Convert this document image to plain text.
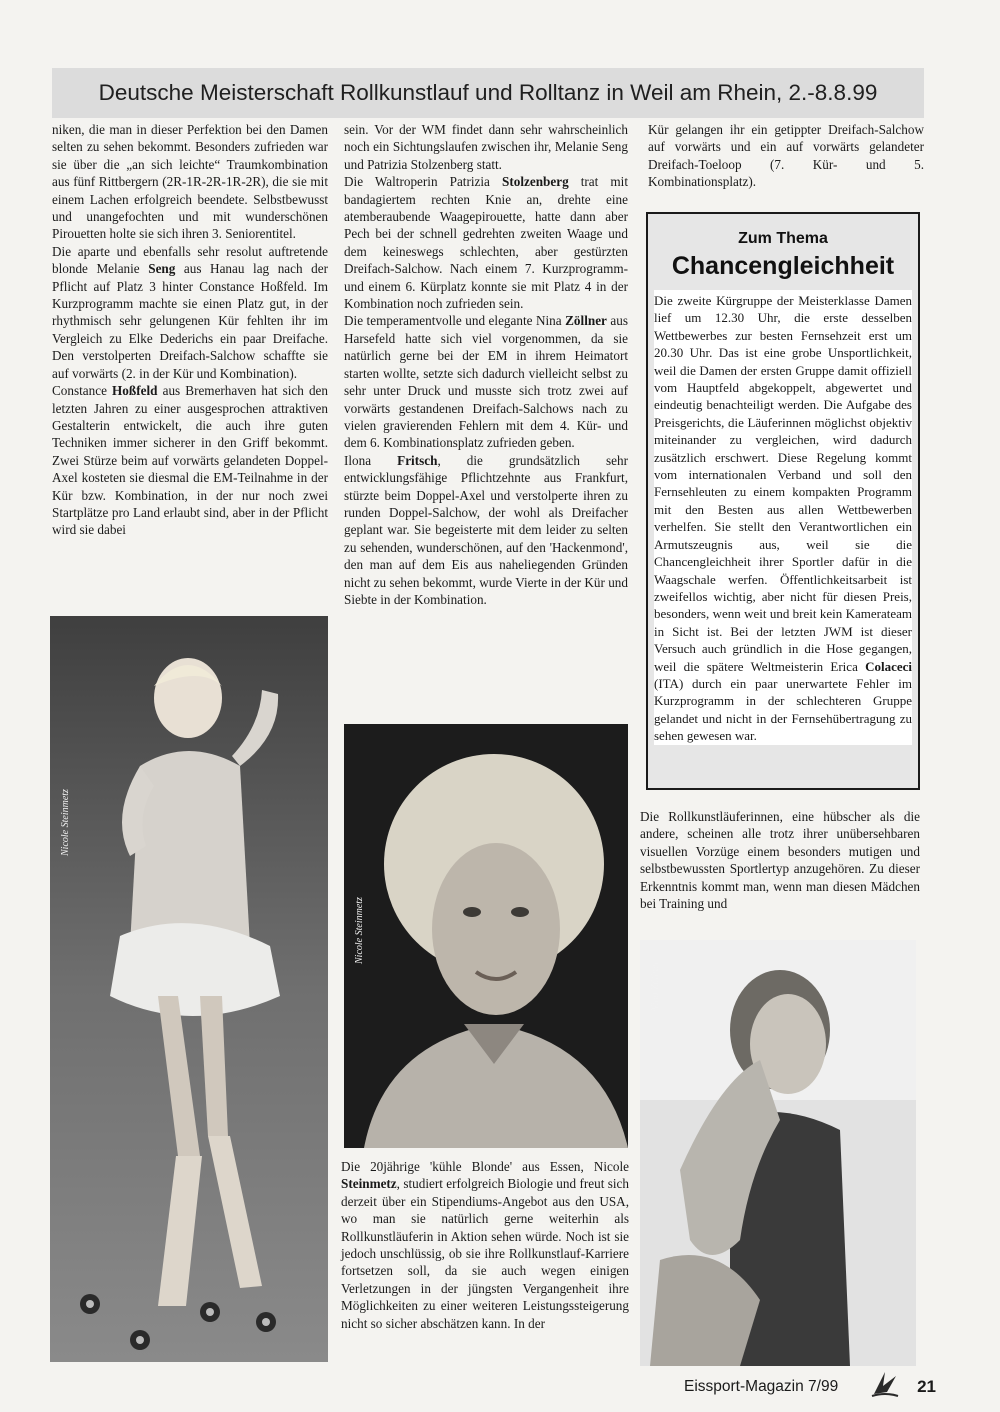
Deutsche Meisterschaft Rollkunstlauf und Rolltanz in Weil am Rhein, 2.-8.8.99

niken, die man in dieser Perfektion bei den Damen selten zu sehen bekommt. Besonders zufrieden war sie über die „an sich leichte“ Traumkombination aus fünf Rittbergern (2R-1R-2R-1R-2R), die sie mit einem Lachen erfolgreich beendete. Selbstbewusst und unangefochten und mit wunderschönen Pirouetten holte sie sich ihren 3. Seniorentitel.

Die aparte und ebenfalls sehr resolut auftretende blonde Melanie Seng aus Hanau lag nach der Pflicht auf Platz 3 hinter Constance Hoßfeld. Im Kurzprogramm machte sie einen Platz gut, in der rhythmisch sehr gelungenen Kür fehlten ihr im Vergleich zu Elke Dederichs ein paar Dreifache. Den verstolperten Dreifach-Salchow schaffte sie auf vorwärts (2. in der Kür und Kombination).

Constance Hoßfeld aus Bremerhaven hat sich den letzten Jahren zu einer ausgesprochen attraktiven Gestalterin entwickelt, die auch ihre guten Techniken immer sicherer in den Griff bekommt. Zwei Stürze beim auf vorwärts gelandeten Doppel-Axel kosteten sie diesmal die EM-Teilnahme in der Kür bzw. Kombination, in der nur noch zwei Startplätze pro Land erlaubt sind, aber in der Pflicht wird sie dabei

Nicole Steinmetz

sein. Vor der WM findet dann sehr wahrscheinlich noch ein Sichtungslaufen zwischen ihr, Melanie Seng und Patrizia Stolzenberg statt.

Die Waltroperin Patrizia Stolzenberg trat mit bandagiertem rechten Knie an, drehte eine atemberaubende Waagepirouette, hatte dann aber Pech bei der schnell gedrehten zweiten Waage und dem keineswegs schlechten, aber gestürzten Dreifach-Salchow. Nach einem 7. Kurzprogramm- und einem 6. Kürplatz konnte sie mit Platz 4 in der Kombination noch zufrieden sein.

Die temperamentvolle und elegante Nina Zöllner aus Harsefeld hatte sich viel vorgenommen, da sie natürlich gerne bei der EM in ihrem Heimatort starten wollte, setzte sich dadurch vielleicht selbst zu sehr unter Druck und musste sich trotz zwei auf vorwärts gestandenen Dreifach-Salchows nach zu vielen gravierenden Fehlern mit dem 4. Kür- und dem 6. Kombinationsplatz zufrieden geben.

Ilona Fritsch, die grundsätzlich sehr entwicklungsfähige Pflichtzehnte aus Frankfurt, stürzte beim Doppel-Axel und verstolperte ihren zu runden Doppel-Salchow, der wohl als Dreifacher geplant war. Sie begeisterte mit dem leider zu selten zu sehenden, wunderschönen, auf den 'Hackenmond', den man auf dem Eis aus naheliegenden Gründen nicht zu sehen bekommt, wurde Vierte in der Kür und Siebte in der Kombination.

Nicole Steinmetz

Die 20jährige 'kühle Blonde' aus Essen, Nicole Steinmetz, studiert erfolgreich Biologie und freut sich derzeit über ein Stipendiums-Angebot aus den USA, wo man sie natürlich gerne weiterhin als Rollkunstläuferin in Aktion sehen würde. Noch ist sie jedoch unschlüssig, ob sie ihre Rollkunstlauf-Karriere fortsetzen soll, da sie auch wegen einigen Verletzungen in der jüngsten Vergangenheit ihre Möglichkeiten zu einer weiteren Leistungssteigerung nicht so sicher abschätzen kann. In der

Kür gelangen ihr ein getippter Dreifach-Salchow auf vorwärts und ein auf vorwärts gelandeter Dreifach-Toeloop (7. Kür- und 5. Kombinationsplatz).

Zum Thema
Chancengleichheit
Die zweite Kürgruppe der Meisterklasse Damen lief um 12.30 Uhr, die erste desselben Wettbewerbes zur besten Fernsehzeit erst um 20.30 Uhr. Das ist eine grobe Unsportlichkeit, weil die Damen der ersten Gruppe damit offiziell vom Hauptfeld abgekoppelt, abgewertet und eindeutig benachteiligt werden. Die Aufgabe des Preisgerichts, die Läuferinnen möglichst objektiv miteinander zu vergleichen, wird dadurch zusätzlich erschwert. Diese Regelung kommt vom internationalen Verband und soll den Fernsehleuten zu einem kompakten Programm mit den Besten aus allen Wettbewerben verhelfen. Sie stellt den Verantwortlichen ein Armutszeugnis aus, weil sie die Chancengleichheit ihrer Sportler dafür in die Waagschale werfen. Öffentlichkeitsarbeit ist zweifellos wichtig, aber nicht für diesen Preis, besonders, wenn weit und breit kein Kamerateam in Sicht ist. Bei der letzten JWM ist dieser Versuch auch gründlich in die Hose gegangen, weil die spätere Weltmeisterin Erica Colaceci (ITA) durch ein paar unerwartete Fehler im Kurzprogramm in der schlechteren Gruppe gelandet und nicht in der Fernsehübertragung zu sehen gewesen war.

Die Rollkunstläuferinnen, eine hübscher als die andere, scheinen alle trotz ihrer unübersehbaren visuellen Vorzüge einem besonders mutigen und selbstbewussten Sportlertyp anzugehören. Zu dieser Erkenntnis kommt man, wenn man diesen Mädchen bei Training und

Nina Zöllner
Eissport-Magazin 7/99	21
